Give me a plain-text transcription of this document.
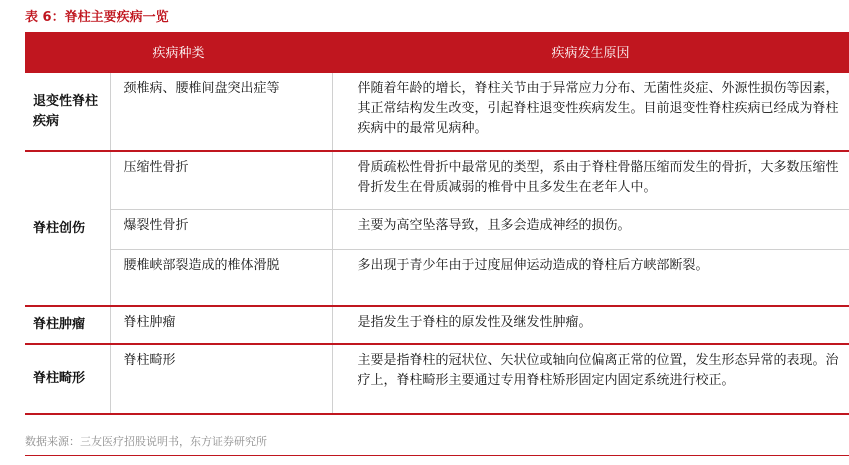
表 6：脊柱主要疾病一览
疾病种类		疾病发生原因
退变性脊柱疾病	颈椎病、腰椎间盘突出症等	伴随着年龄的增长，脊柱关节由于异常应力分布、无菌性炎症、外源性损伤等因素，其正常结构发生改变，引起脊柱退变性疾病发生。目前退变性脊柱疾病已经成为脊柱疾病中的最常见病种。
脊柱创伤	压缩性骨折	骨质疏松性骨折中最常见的类型，系由于脊柱骨骼压缩而发生的骨折，大多数压缩性骨折发生在骨质减弱的椎骨中且多发生在老年人中。
	爆裂性骨折	主要为高空坠落导致，且多会造成神经的损伤。
	腰椎峡部裂造成的椎体滑脱	多出现于青少年由于过度屈伸运动造成的脊柱后方峡部断裂。
脊柱肿瘤	脊柱肿瘤	是指发生于脊柱的原发性及继发性肿瘤。
脊柱畸形	脊柱畸形	主要是指脊柱的冠状位、矢状位或轴向位偏离正常的位置，发生形态异常的表现。治疗上，脊柱畸形主要通过专用脊柱矫形固定内固定系统进行校正。
数据来源：三友医疗招股说明书，东方证券研究所
